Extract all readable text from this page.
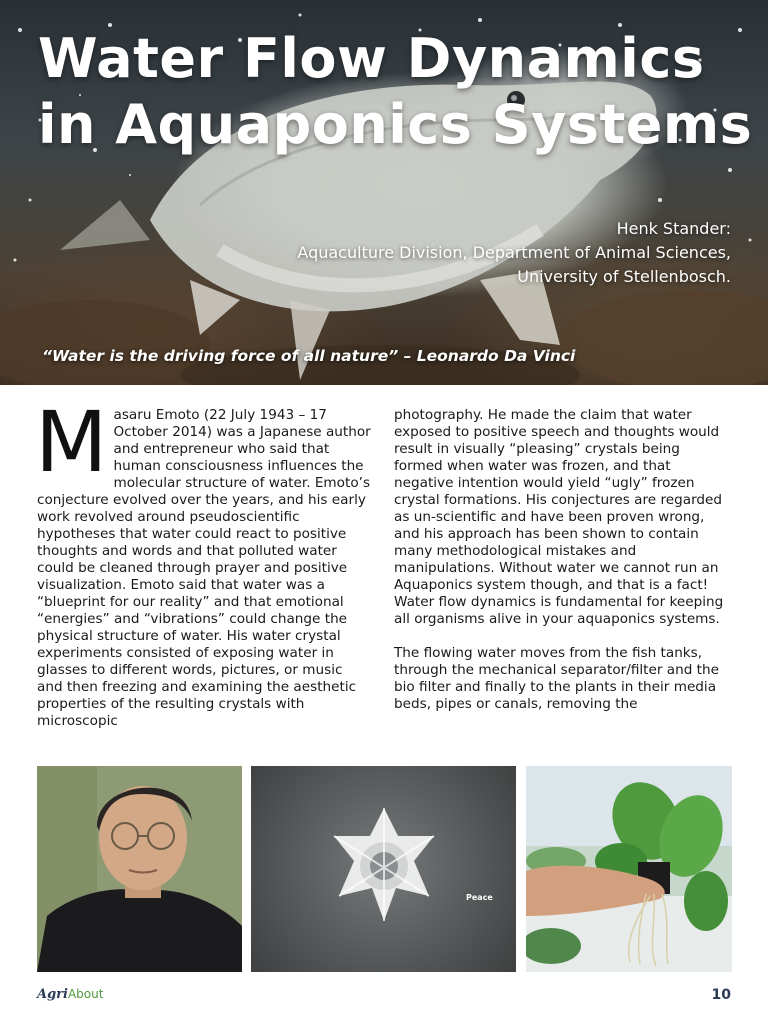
Water Flow Dynamics
in Aquaponics Systems
Henk Stander:
Aquaculture Division, Department of Animal Sciences,
University of Stellenbosch.
“Water is the driving force of all nature” – Leonardo Da Vinci

Masaru Emoto (22 July 1943 – 17 October 2014) was a Japanese author and entrepreneur who said that human consciousness influences the molecular structure of water. Emoto’s conjecture evolved over the years, and his early work revolved around pseudoscientific hypotheses that water could react to positive thoughts and words and that polluted water could be cleaned through prayer and positive visualization. Emoto said that water was a “blueprint for our reality” and that emotional “energies” and “vibrations” could change the physical structure of water. His water crystal experiments consisted of exposing water in glasses to different words, pictures, or music and then freezing and examining the aesthetic properties of the resulting crystals with microscopic

photography. He made the claim that water exposed to positive speech and thoughts would result in visually “pleasing” crystals being formed when water was frozen, and that negative intention would yield “ugly” frozen crystal formations. His conjectures are regarded as un-scientific and have been proven wrong, and his approach has been shown to contain many methodological mistakes and manipulations. Without water we cannot run an Aquaponics system though, and that is a fact! Water flow dynamics is fundamental for keeping all organisms alive in your aquaponics systems.

The flowing water moves from the fish tanks, through the mechanical separator/filter and the bio filter and finally to the plants in their media beds, pipes or canals, removing the

Peace
AgriAbout	10
